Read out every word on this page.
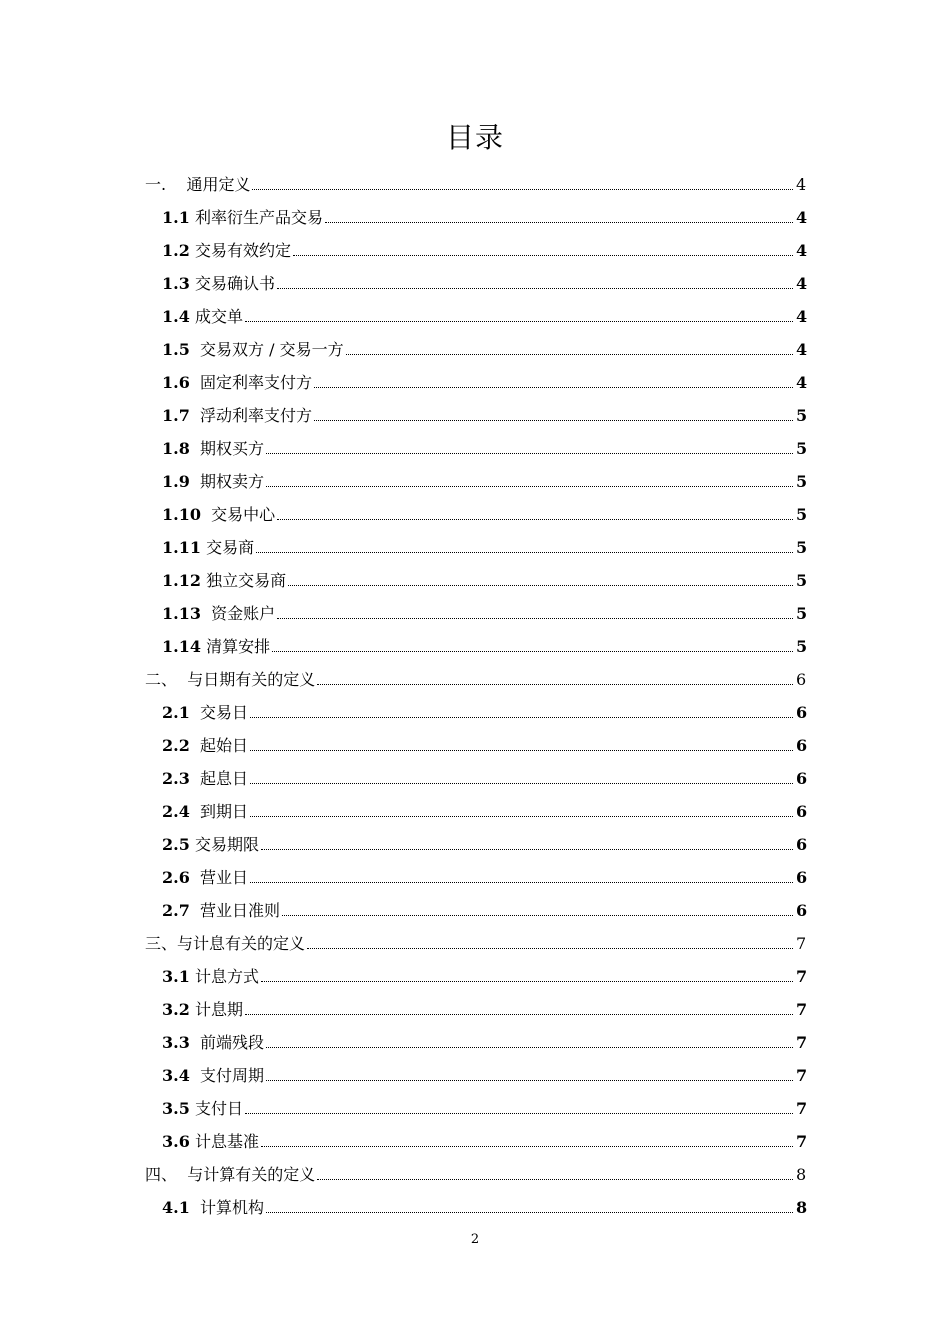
目录
一. 通用定义	4
1.1 利率衍生产品交易	4
1.2 交易有效约定	4
1.3 交易确认书	4
1.4 成交单	4
1.5 交易双方 / 交易一方	4
1.6 固定利率支付方	4
1.7 浮动利率支付方	5
1.8 期权买方	5
1.9 期权卖方	5
1.10 交易中心	5
1.11 交易商	5
1.12 独立交易商	5
1.13 资金账户	5
1.14 清算安排	5
二、 与日期有关的定义	6
2.1 交易日	6
2.2 起始日	6
2.3 起息日	6
2.4 到期日	6
2.5 交易期限	6
2.6 营业日	6
2.7 营业日准则	6
三、与计息有关的定义	7
3.1 计息方式	7
3.2 计息期	7
3.3 前端残段	7
3.4 支付周期	7
3.5 支付日	7
3.6 计息基准	7
四、 与计算有关的定义	8
4.1 计算机构	8
2
